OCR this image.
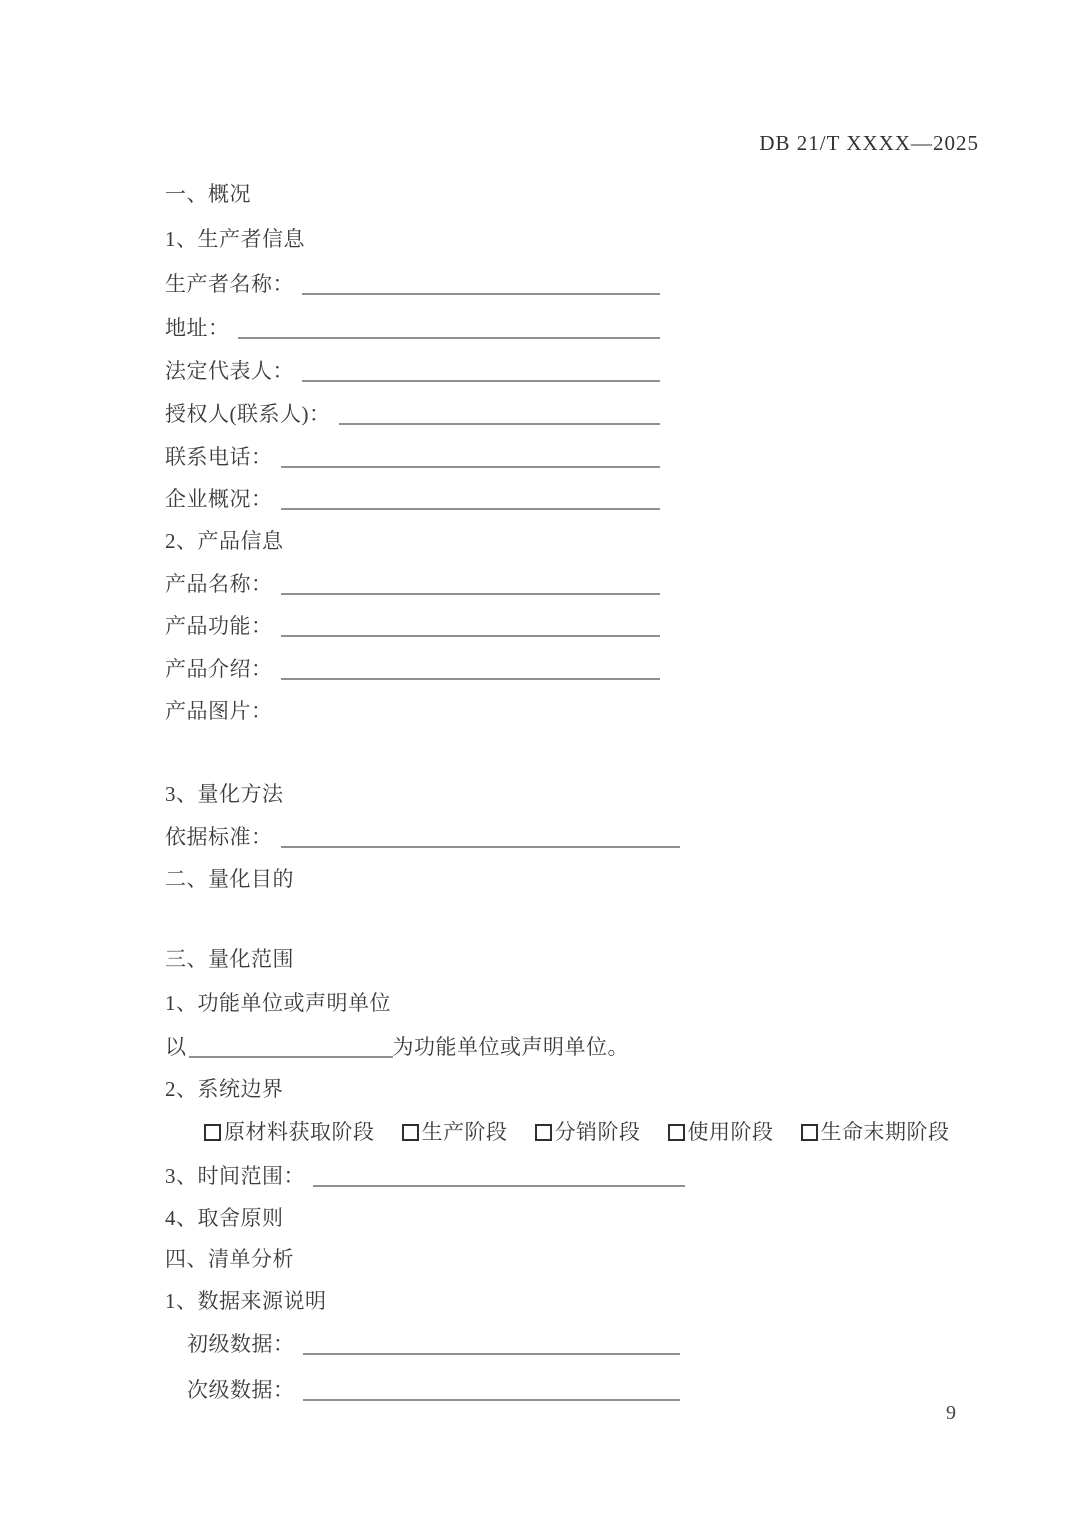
DB 21/T XXXX—2025
一、概况
1、生产者信息
生产者名称：
地址：
法定代表人：
授权人(联系人)：
联系电话：
企业概况：
2、产品信息
产品名称：
产品功能：
产品介绍：
产品图片：
3、量化方法
依据标准：
二、量化目的
三、量化范围
1、功能单位或声明单位
以	为功能单位或声明单位。
2、系统边界
原材料获取阶段 生产阶段 分销阶段 使用阶段 生命末期阶段
3、时间范围：
4、取舍原则
四、清单分析
1、数据来源说明
初级数据：
次级数据：
9
